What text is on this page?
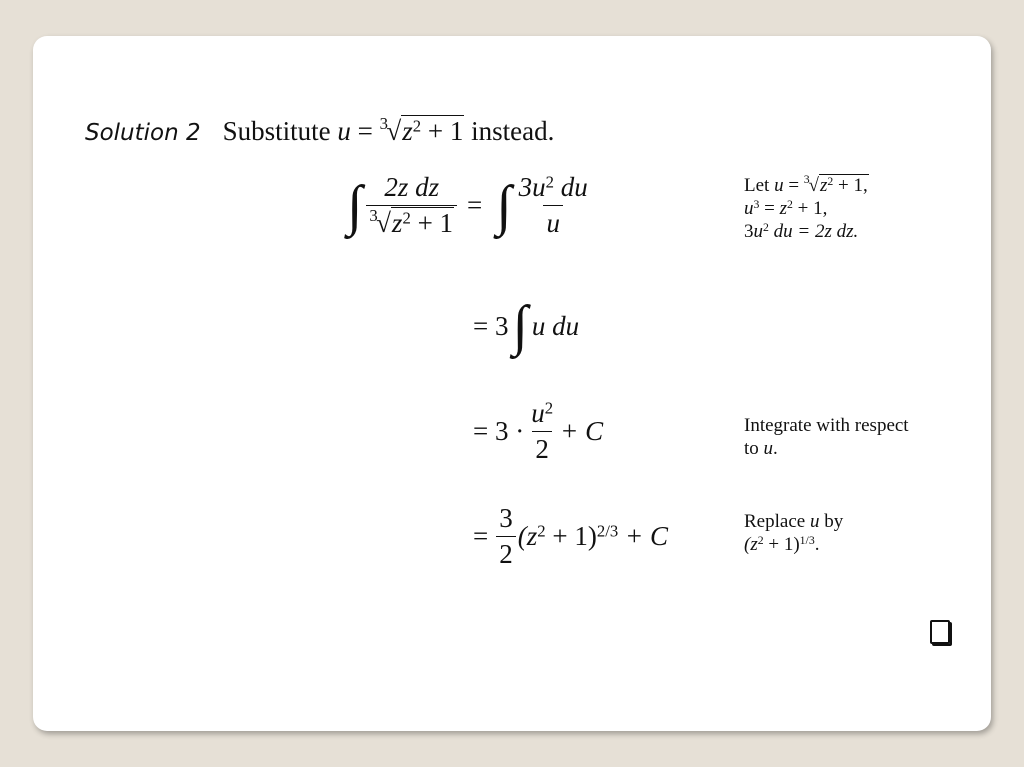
Solution 2 Substitute u = 3
$√z^2 + 1$ instead.
∫ 2z dz
3
$√z^2 + 1$ = ∫ $\frac{3u^2 du}{u}$	Let u = 3
$√z^2 + 1$,
$u^3 = z^2 + 1$,
$3u^2$ du = 2z dz.
= 3 ∫ u du
= $3 \cdot \frac{u^2}{2} + C$	Integrate with respect
to u.
= $\frac{3}{2} (z^2 + 1)^{2/3} + C$	Replace u by
$(z^2 + 1)^{1/3}$.
